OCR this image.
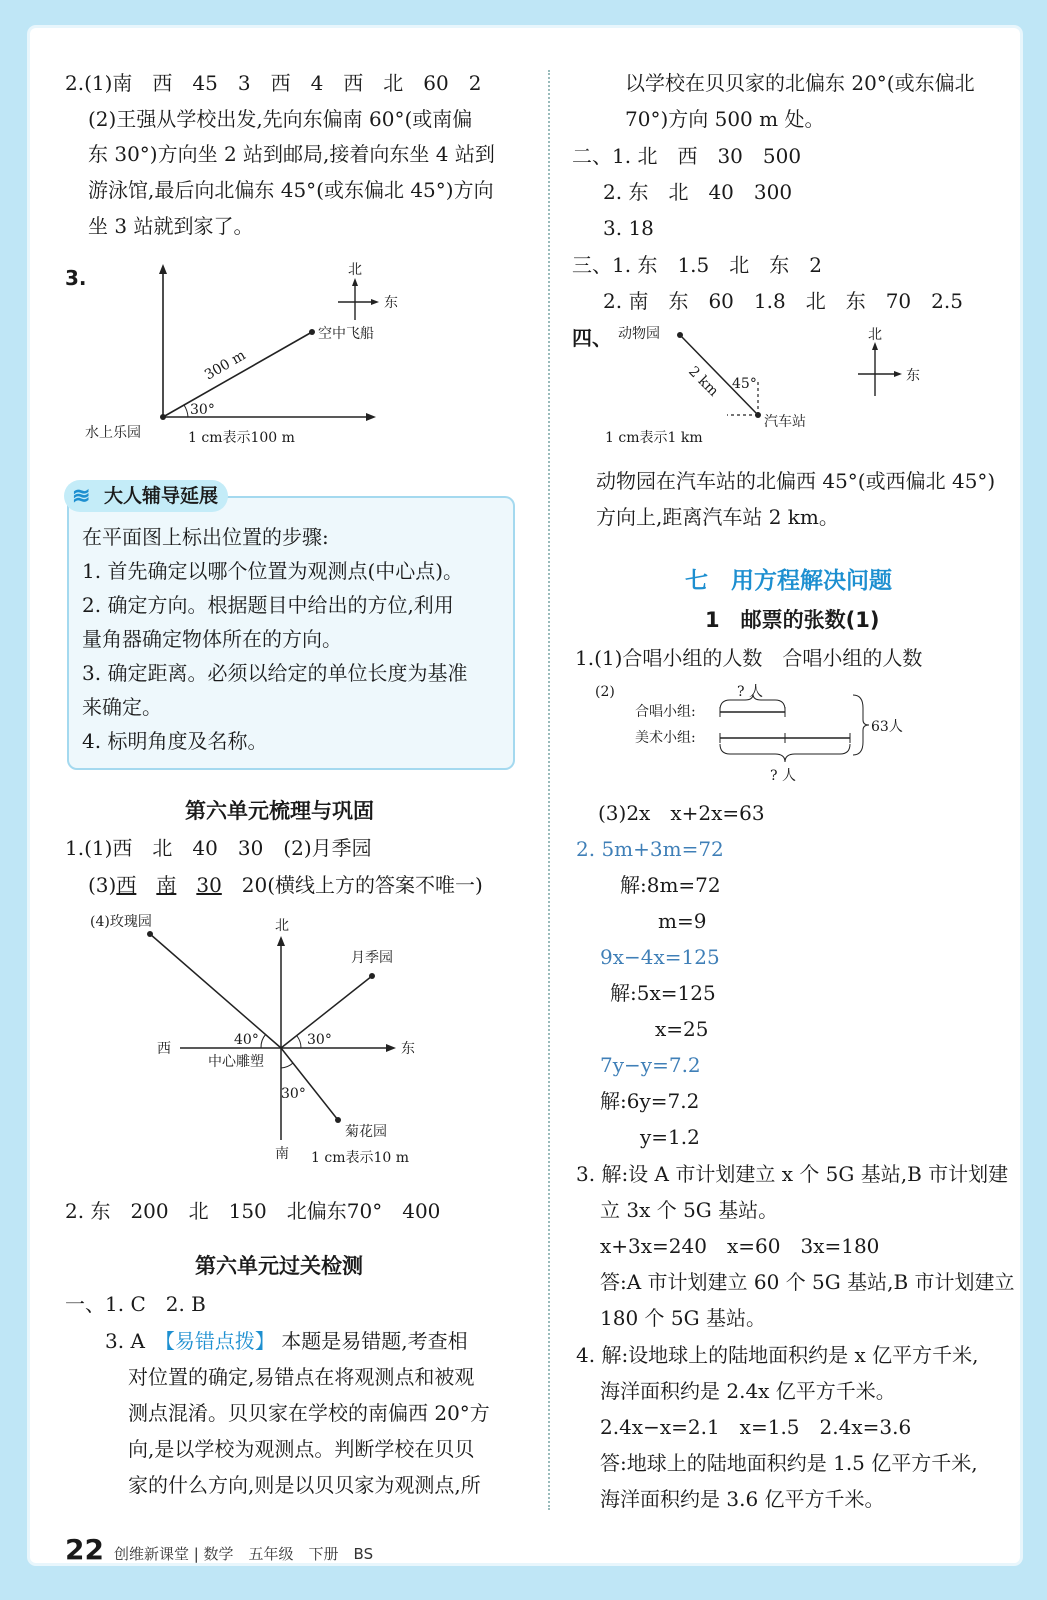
2.(1)南　西　45　3　西　4　西　北　60　2
(2)王强从学校出发,先向东偏南 60°(或南偏
东 30°)方向坐 2 站到邮局,接着向东坐 4 站到
游泳馆,最后向北偏东 45°(或东偏北 45°)方向
坐 3 站就到家了。
3.
30°
300 m
空中飞船
水上乐园	1 cm表示100 m
北
东
大人辅导延展
≋
在平面图上标出位置的步骤:
1. 首先确定以哪个位置为观测点(中心点)。
2. 确定方向。根据题目中给出的方位,利用
量角器确定物体所在的方向。
3. 确定距离。必须以给定的单位长度为基准
来确定。
4. 标明角度及名称。
第六单元梳理与巩固
1.(1)西　北　40　30　(2)月季园
(3)西　 南　 30　 20(横线上方的答案不唯一)
(4)玫瑰园	北
南
西	东
40°	30°
30°
中心雕塑
月季园
菊花园
1 cm表示10 m
2. 东　200　北　150　北偏东70°　400
第六单元过关检测
一、1. C　2. B
3. A　 【易错点拨】 本题是易错题,考查相
对位置的确定,易错点在将观测点和被观
测点混淆。贝贝家在学校的南偏西 20°方
向,是以学校为观测点。判断学校在贝贝
家的什么方向,则是以贝贝家为观测点,所
以学校在贝贝家的北偏东 20°(或东偏北
70°)方向 500 m 处。
二、1. 北　西　30　500
2. 东　北　40　300
3. 18
三、1. 东　1.5　北　东　2
2. 南　东　60　1.8　北　东　70　2.5
四、 动物园
45°
2 km
汽车站
1 cm表示1 km
北
东
动物园在汽车站的北偏西 45°(或西偏北 45°)
方向上,距离汽车站 2 km。
七　用方程解决问题
1　邮票的张数(1)
1.(1)合唱小组的人数　合唱小组的人数
(2)	? 人
合唱小组:
美术小组:
? 人
63人
(3)2x　x+2x=63
2. 5m+3m=72
解:8m=72
m=9
9x−4x=125
解:5x=125
x=25
7y−y=7.2
解:6y=7.2
y=1.2
3. 解:设 A 市计划建立 x 个 5G 基站,B 市计划建
立 3x 个 5G 基站。
x+3x=240　x=60　3x=180
答:A 市计划建立 60 个 5G 基站,B 市计划建立
180 个 5G 基站。
4. 解:设地球上的陆地面积约是 x 亿平方千米,
海洋面积约是 2.4x 亿平方千米。
2.4x−x=2.1　x=1.5　2.4x=3.6
答:地球上的陆地面积约是 1.5 亿平方千米,
海洋面积约是 3.6 亿平方千米。
22 创维新课堂 | 数学　五年级　下册　BS
